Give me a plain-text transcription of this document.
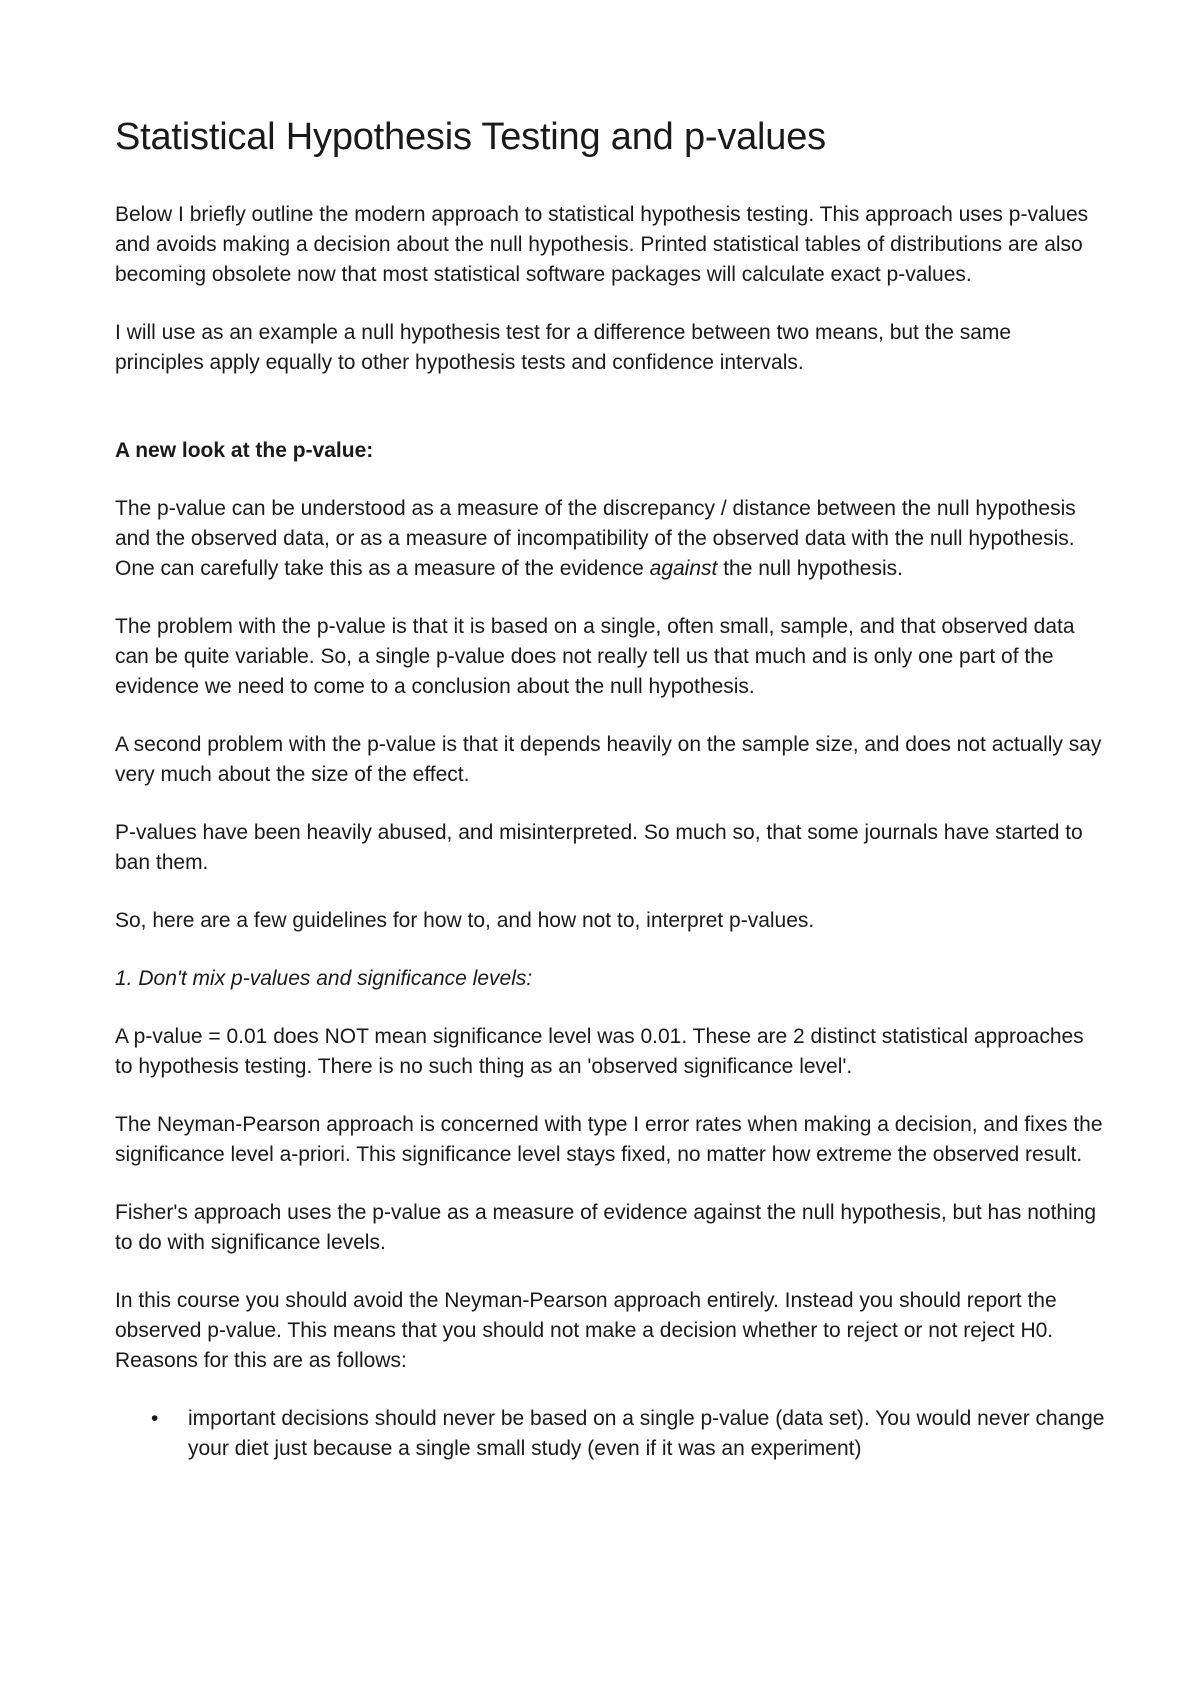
Statistical Hypothesis Testing and p-values

Below I briefly outline the modern approach to statistical hypothesis testing. This approach uses p-values and avoids making a decision about the null hypothesis. Printed statistical tables of distributions are also becoming obsolete now that most statistical software packages will calculate exact p-values.

I will use as an example a null hypothesis test for a difference between two means, but the same principles apply equally to other hypothesis tests and confidence intervals.

A new look at the p-value:

The p-value can be understood as a measure of the discrepancy / distance between the null hypothesis and the observed data, or as a measure of incompatibility of the observed data with the null hypothesis. One can carefully take this as a measure of the evidence against the null hypothesis.

The problem with the p-value is that it is based on a single, often small, sample, and that observed data can be quite variable. So, a single p-value does not really tell us that much and is only one part of the evidence we need to come to a conclusion about the null hypothesis.

A second problem with the p-value is that it depends heavily on the sample size, and does not actually say very much about the size of the effect.

P-values have been heavily abused, and misinterpreted. So much so, that some journals have started to ban them.

So, here are a few guidelines for how to, and how not to, interpret p-values.

1. Don't mix p-values and significance levels:

A p-value = 0.01 does NOT mean significance level was 0.01. These are 2 distinct statistical approaches to hypothesis testing. There is no such thing as an 'observed significance level'.

The Neyman-Pearson approach is concerned with type I error rates when making a decision, and fixes the significance level a-priori. This significance level stays fixed, no matter how extreme the observed result.

Fisher's approach uses the p-value as a measure of evidence against the null hypothesis, but has nothing to do with significance levels.

In this course you should avoid the Neyman-Pearson approach entirely. Instead you should report the observed p-value. This means that you should not make a decision whether to reject or not reject H0. Reasons for this are as follows:

• important decisions should never be based on a single p-value (data set). You would never change your diet just because a single small study (even if it was an experiment)
